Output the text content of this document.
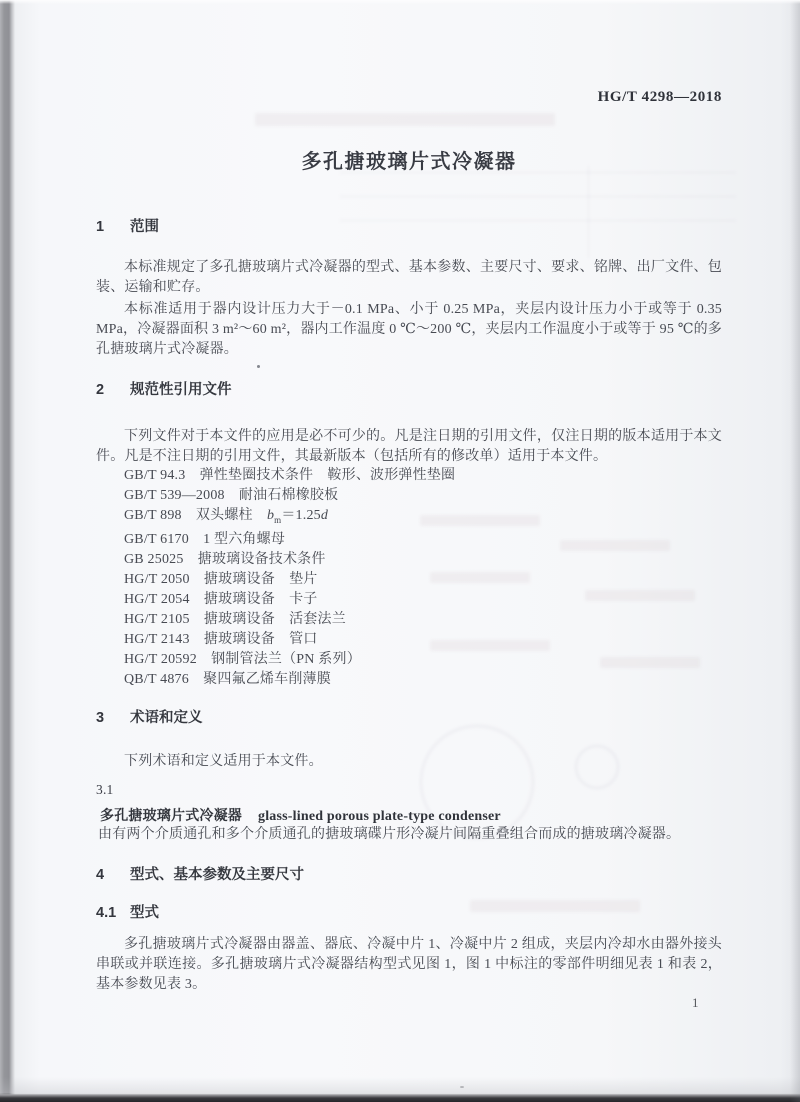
HG/T 4298—2018
多孔搪玻璃片式冷凝器
1 范围
本标准规定了多孔搪玻璃片式冷凝器的型式、基本参数、主要尺寸、要求、铭牌、出厂文件、包装、运输和贮存。
本标准适用于器内设计压力大于－0.1 MPa、小于 0.25 MPa，夹层内设计压力小于或等于 0.35 MPa，冷凝器面积 3 m²～60 m²，器内工作温度 0 ℃～200 ℃，夹层内工作温度小于或等于 95 ℃的多孔搪玻璃片式冷凝器。
2 规范性引用文件
下列文件对于本文件的应用是必不可少的。凡是注日期的引用文件，仅注日期的版本适用于本文件。凡是不注日期的引用文件，其最新版本（包括所有的修改单）适用于本文件。
GB/T 94.3　弹性垫圈技术条件　鞍形、波形弹性垫圈
GB/T 539—2008　耐油石棉橡胶板
GB/T 898　双头螺柱　$b_m=1.25d$
GB/T 6170　1 型六角螺母
GB 25025　搪玻璃设备技术条件
HG/T 2050　搪玻璃设备　垫片
HG/T 2054　搪玻璃设备　卡子
HG/T 2105　搪玻璃设备　活套法兰
HG/T 2143　搪玻璃设备　管口
HG/T 20592　钢制管法兰（PN 系列）
QB/T 4876　聚四氟乙烯车削薄膜
3 术语和定义
下列术语和定义适用于本文件。
3.1
多孔搪玻璃片式冷凝器 glass-lined porous plate-type condenser
由有两个介质通孔和多个介质通孔的搪玻璃碟片形冷凝片间隔重叠组合而成的搪玻璃冷凝器。
4 型式、基本参数及主要尺寸
4.1 型式
多孔搪玻璃片式冷凝器由器盖、器底、冷凝中片 1、冷凝中片 2 组成，夹层内冷却水由器外接头串联或并联连接。多孔搪玻璃片式冷凝器结构型式见图 1，图 1 中标注的零部件明细见表 1 和表 2，基本参数见表 3。
1
